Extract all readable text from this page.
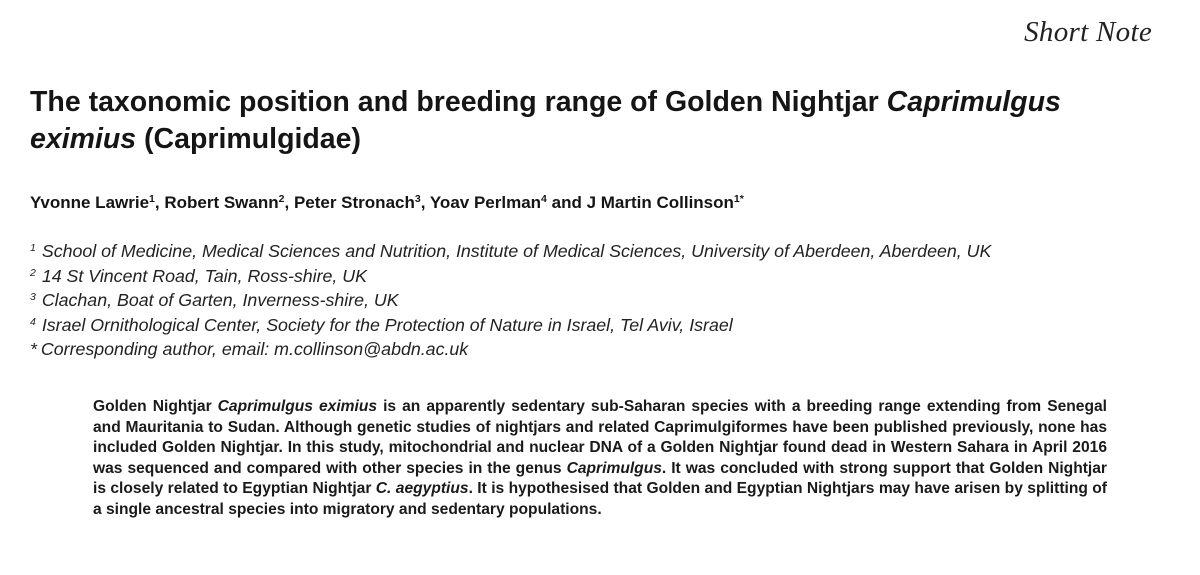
Short Note
The taxonomic position and breeding range of Golden Nightjar Caprimulgus eximius (Caprimulgidae)
Yvonne Lawrie$^1$, Robert Swann$^2$, Peter Stronach$^3$, Yoav Perlman$^4$ and J Martin Collinson$^{1*}$
$^1$ School of Medicine, Medical Sciences and Nutrition, Institute of Medical Sciences, University of Aberdeen, Aberdeen, UK
$^2$ 14 St Vincent Road, Tain, Ross-shire, UK
$^3$ Clachan, Boat of Garten, Inverness-shire, UK
$^4$ Israel Ornithological Center, Society for the Protection of Nature in Israel, Tel Aviv, Israel
* Corresponding author, email: m.collinson@abdn.ac.uk
Golden Nightjar Caprimulgus eximius is an apparently sedentary sub-Saharan species with a breeding range extending from Senegal and Mauritania to Sudan. Although genetic studies of nightjars and related Caprimulgiformes have been published previously, none has included Golden Nightjar. In this study, mitochondrial and nuclear DNA of a Golden Nightjar found dead in Western Sahara in April 2016 was sequenced and compared with other species in the genus Caprimulgus. It was concluded with strong support that Golden Nightjar is closely related to Egyptian Nightjar C. aegyptius. It is hypothesised that Golden and Egyptian Nightjars may have arisen by splitting of a single ancestral species into migratory and sedentary populations.
